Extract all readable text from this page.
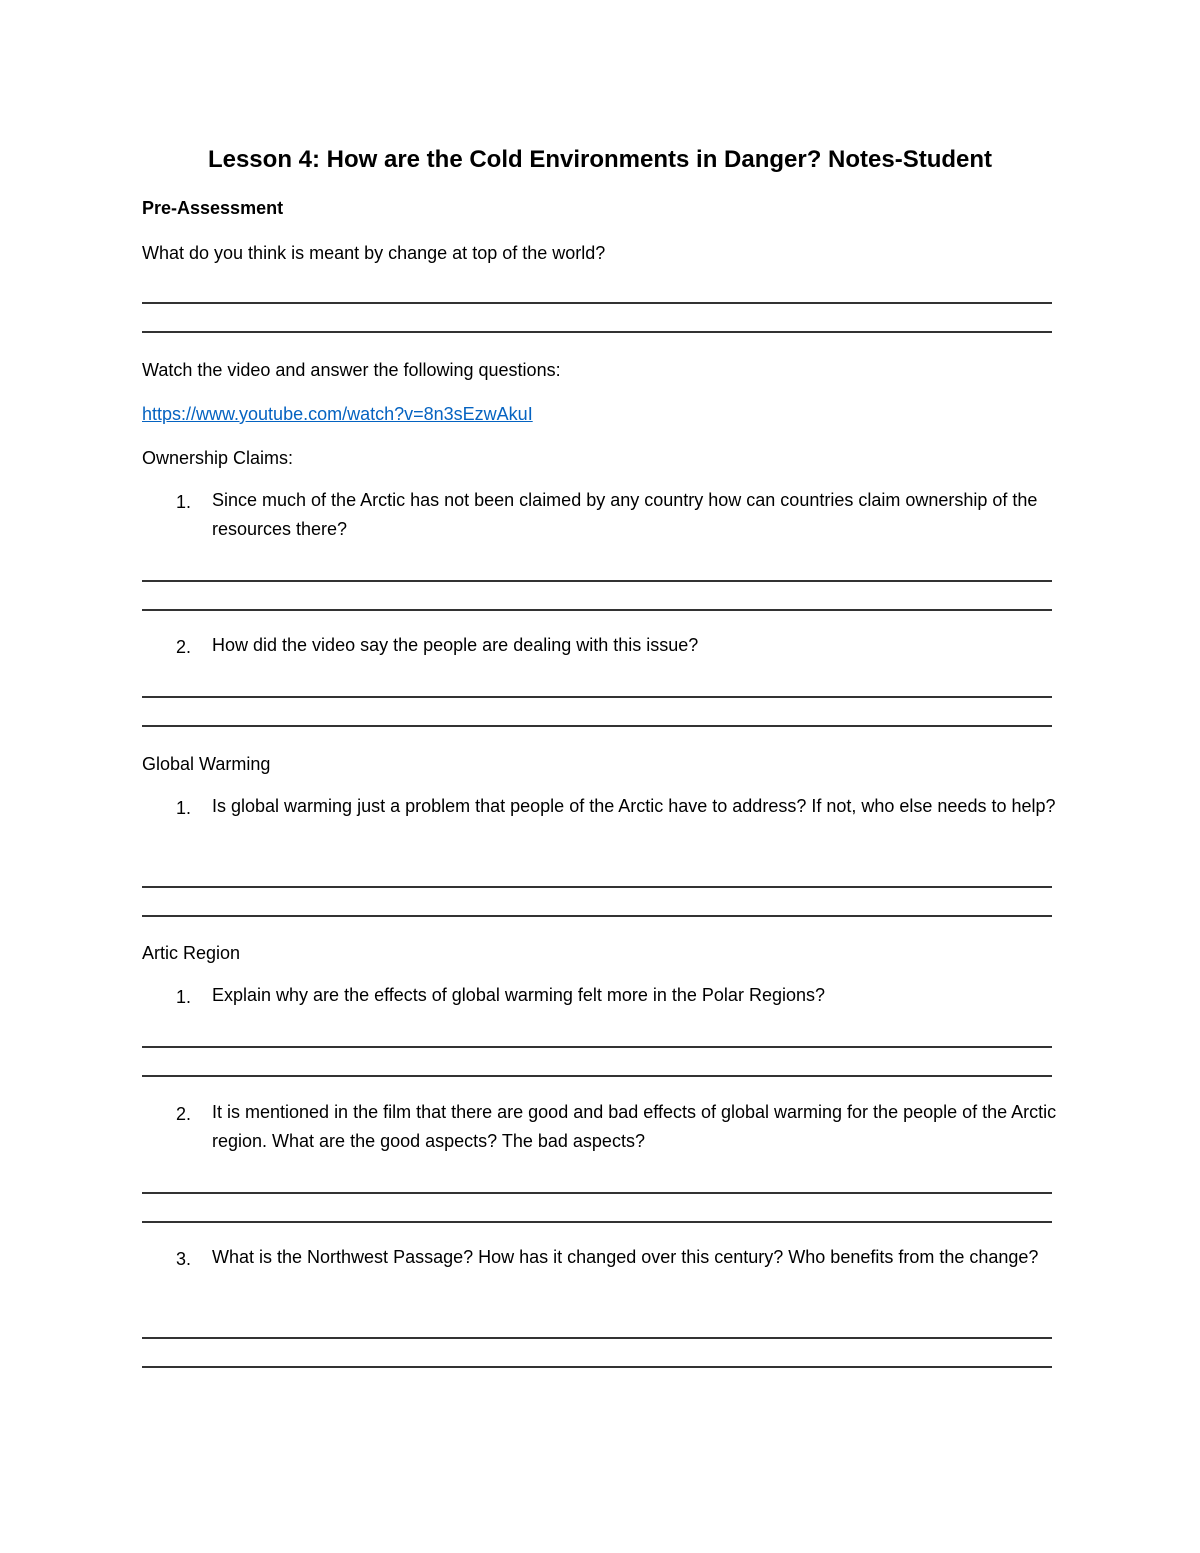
Lesson 4: How are the Cold Environments in Danger? Notes-Student
Pre-Assessment
What do you think is meant by change at top of the world?
Watch the video and answer the following questions:
https://www.youtube.com/watch?v=8n3sEzwAkuI
Ownership Claims:
1. Since much of the Arctic has not been claimed by any country how can countries claim ownership of the resources there?
2. How did the video say the people are dealing with this issue?
Global Warming
1. Is global warming just a problem that people of the Arctic have to address? If not, who else needs to help?
Artic Region
1. Explain why are the effects of global warming felt more in the Polar Regions?
2. It is mentioned in the film that there are good and bad effects of global warming for the people of the Arctic region. What are the good aspects? The bad aspects?
3. What is the Northwest Passage? How has it changed over this century? Who benefits from the change?
